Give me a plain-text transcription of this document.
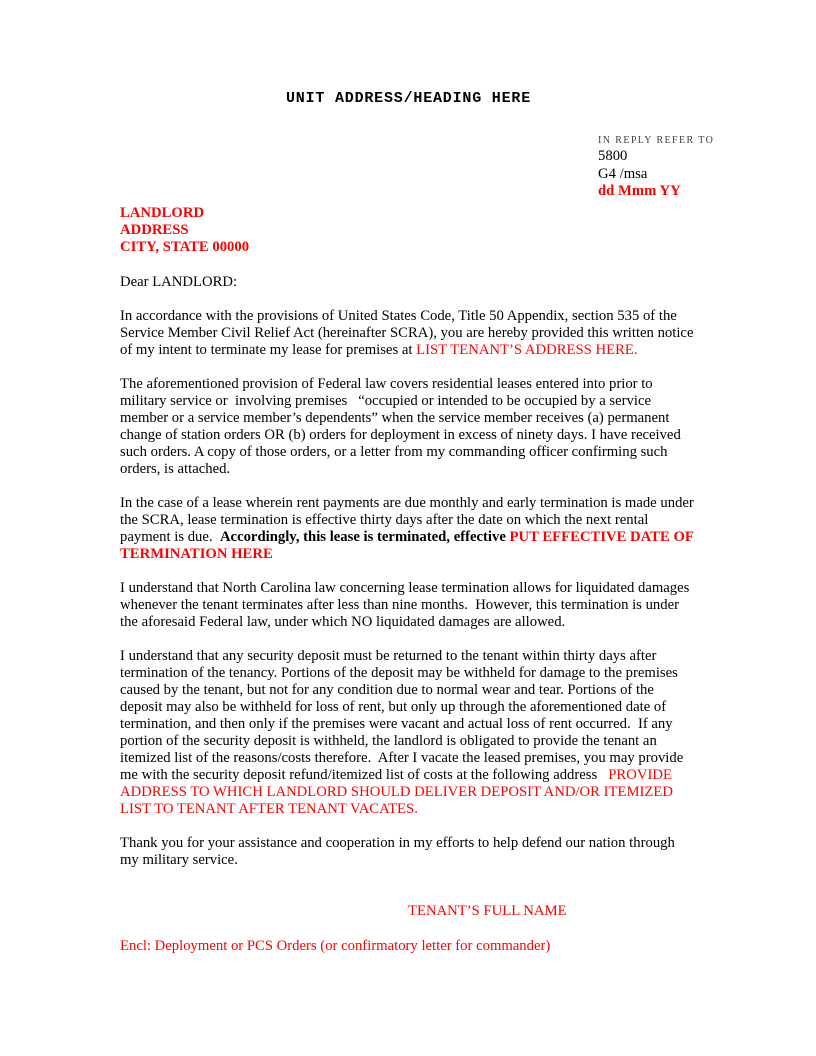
UNIT ADDRESS/HEADING HERE
IN REPLY REFER TO
5800
G4 /msa
dd Mmm YY
LANDLORD
ADDRESS
CITY, STATE 00000
Dear LANDLORD:

In accordance with the provisions of United States Code, Title 50 Appendix, section 535 of the Service Member Civil Relief Act (hereinafter SCRA), you are hereby provided this written notice of my intent to terminate my lease for premises at LIST TENANT’S ADDRESS HERE.

The aforementioned provision of Federal law covers residential leases entered into prior to military service or  involving premises   “occupied or intended to be occupied by a service member or a service member’s dependents” when the service member receives (a) permanent change of station orders OR (b) orders for deployment in excess of ninety days. I have received such orders. A copy of those orders, or a letter from my commanding officer confirming such orders, is attached.

In the case of a lease wherein rent payments are due monthly and early termination is made under the SCRA, lease termination is effective thirty days after the date on which the next rental payment is due.  Accordingly, this lease is terminated, effective PUT EFFECTIVE DATE OF TERMINATION HERE

I understand that North Carolina law concerning lease termination allows for liquidated damages whenever the tenant terminates after less than nine months.  However, this termination is under the aforesaid Federal law, under which NO liquidated damages are allowed.

I understand that any security deposit must be returned to the tenant within thirty days after termination of the tenancy. Portions of the deposit may be withheld for damage to the premises caused by the tenant, but not for any condition due to normal wear and tear. Portions of the deposit may also be withheld for loss of rent, but only up through the aforementioned date of termination, and then only if the premises were vacant and actual loss of rent occurred.  If any portion of the security deposit is withheld, the landlord is obligated to provide the tenant an itemized list of the reasons/costs therefore.  After I vacate the leased premises, you may provide me with the security deposit refund/itemized list of costs at the following address   PROVIDE ADDRESS TO WHICH LANDLORD SHOULD DELIVER DEPOSIT AND/OR ITEMIZED LIST TO TENANT AFTER TENANT VACATES.

Thank you for your assistance and cooperation in my efforts to help defend our nation through my military service.

TENANT’S FULL NAME
Encl: Deployment or PCS Orders (or confirmatory letter for commander)
